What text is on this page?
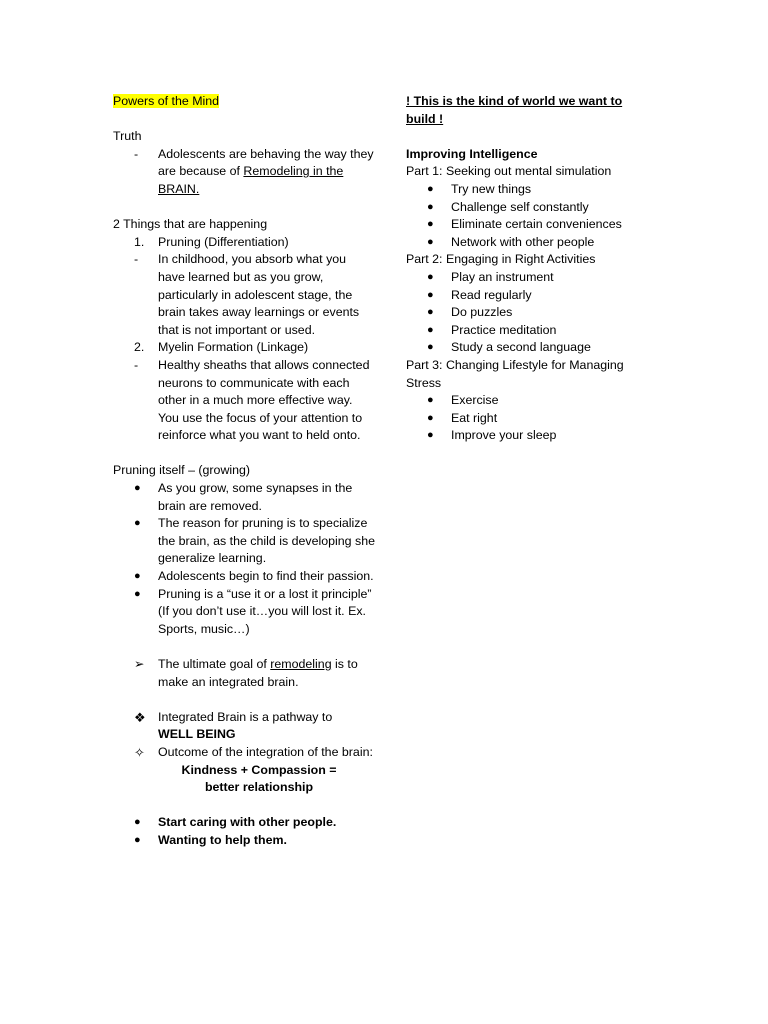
Powers of the Mind

Truth

-	Adolescents are behaving the way they are because of Remodeling in the BRAIN.

2 Things that are happening

1.	Pruning (Differentiation)
-	In childhood, you absorb what you have learned but as you grow, particularly in adolescent stage, the brain takes away learnings or events that is not important or used.
2.	Myelin Formation (Linkage)
-	Healthy sheaths that allows connected neurons to communicate with each other in a much more effective way. You use the focus of your attention to reinforce what you want to held onto.

Pruning itself – (growing)

●	As you grow, some synapses in the brain are removed.
●	The reason for pruning is to specialize the brain, as the child is developing she generalize learning.
●	Adolescents begin to find their passion.
●	Pruning is a “use it or a lost it principle” (If you don’t use it…you will lost it. Ex. Sports, music…)
➢	The ultimate goal of remodeling is to make an integrated brain.
❖ Integrated Brain is a pathway to
WELL BEING
✧	Outcome of the integration of the brain:

Kindness + Compassion =

better relationship

●	Start caring with other people.
●	Wanting to help them.

! This is the kind of world we want to build !

Improving Intelligence

Part 1: Seeking out mental simulation

●	Try new things
●	Challenge self constantly
●	Eliminate certain conveniences
●	Network with other people

Part 2: Engaging in Right Activities

●	Play an instrument
●	Read regularly
●	Do puzzles
●	Practice meditation
●	Study a second language

Part 3: Changing Lifestyle for Managing Stress

●	Exercise
●	Eat right
●	Improve your sleep
